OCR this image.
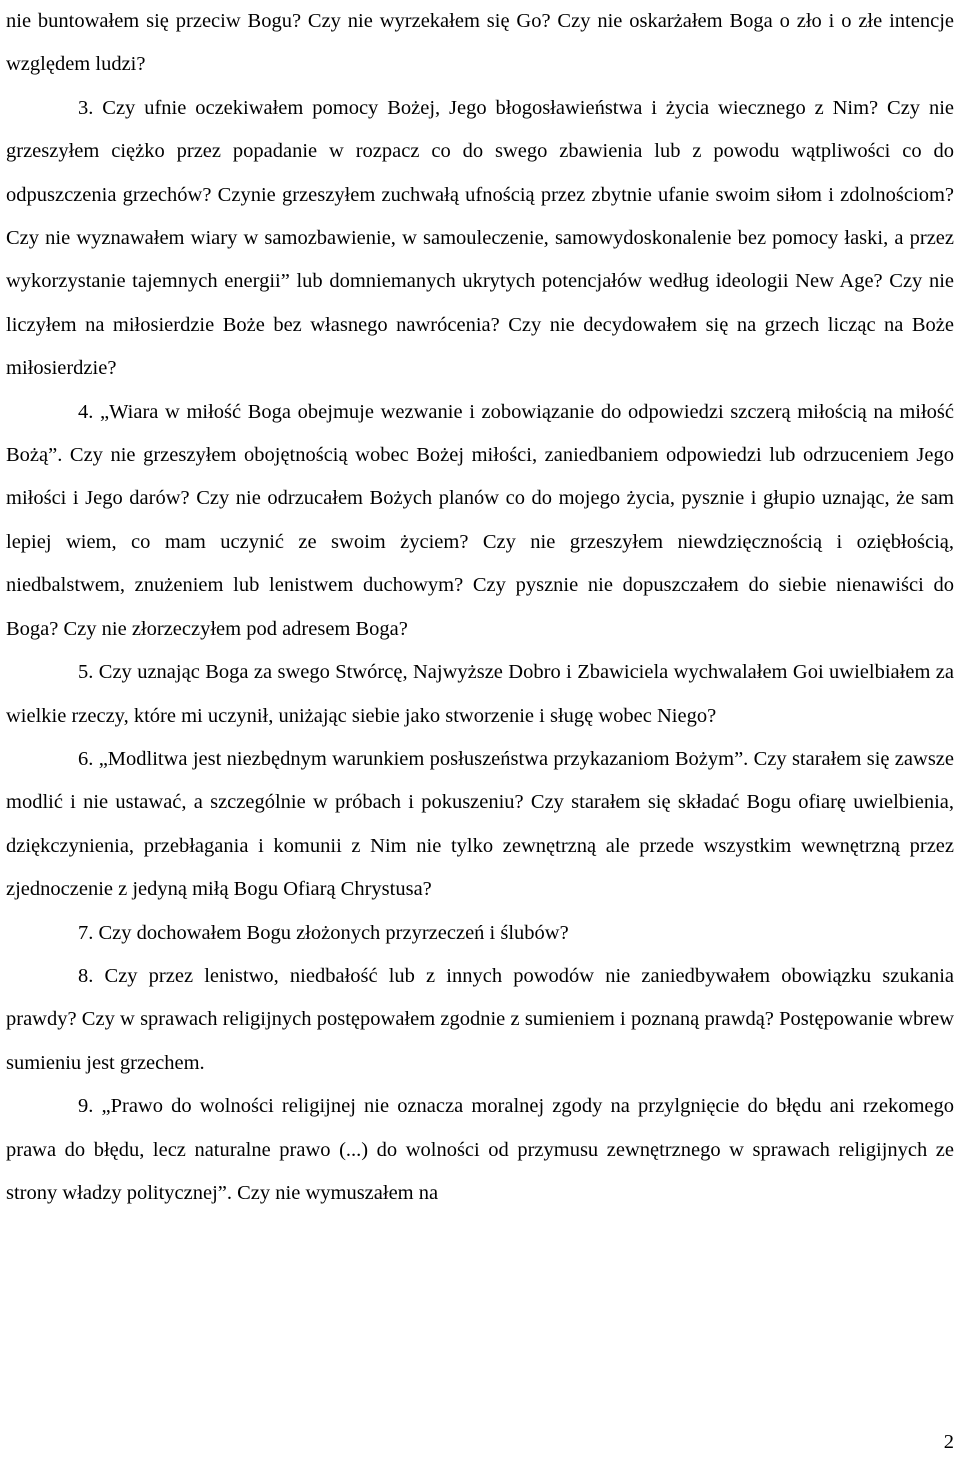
nie buntowałem się przeciw Bogu? Czy nie wyrzekałem się Go? Czy nie oskarżałem Boga o zło i o złe intencje względem ludzi?

3. Czy ufnie oczekiwałem pomocy Bożej, Jego błogosławieństwa i życia wiecznego z Nim? Czy nie grzeszyłem ciężko przez popadanie w rozpacz co do swego zbawienia lub z powodu wątpliwości co do odpuszczenia grzechów? Czynie grzeszyłem zuchwałą ufnością przez zbytnie ufanie swoim siłom i zdolnościom? Czy nie wyznawałem wiary w samozbawienie, w samouleczenie, samowydoskonalenie bez pomocy łaski, a przez wykorzystanie tajemnych energii” lub domniemanych ukrytych potencjałów według ideologii New Age? Czy nie liczyłem na miłosierdzie Boże bez własnego nawrócenia? Czy nie decydowałem się na grzech licząc na Boże miłosierdzie?

4. „Wiara w miłość Boga obejmuje wezwanie i zobowiązanie do odpowiedzi szczerą miłością na miłość Bożą”. Czy nie grzeszyłem obojętnością wobec Bożej miłości, zaniedbaniem odpowiedzi lub odrzuceniem Jego miłości i Jego darów? Czy nie odrzucałem Bożych planów co do mojego życia, pysznie i głupio uznając, że sam lepiej wiem, co mam uczynić ze swoim życiem? Czy nie grzeszyłem niewdzięcznością i oziębłością, niedbalstwem, znużeniem lub lenistwem duchowym? Czy pysznie nie dopuszczałem do siebie nienawiści do Boga? Czy nie złorzeczyłem pod adresem Boga?

5. Czy uznając Boga za swego Stwórcę, Najwyższe Dobro i Zbawiciela wychwalałem Goi uwielbiałem za wielkie rzeczy, które mi uczynił, uniżając siebie jako stworzenie i sługę wobec Niego?

6. „Modlitwa jest niezbędnym warunkiem posłuszeństwa przykazaniom Bożym”. Czy starałem się zawsze modlić i nie ustawać, a szczególnie w próbach i pokuszeniu? Czy starałem się składać Bogu ofiarę uwielbienia, dziękczynienia, przebłagania i komunii z Nim nie tylko zewnętrzną ale przede wszystkim wewnętrzną przez zjednoczenie z jedyną miłą Bogu Ofiarą Chrystusa?

7. Czy dochowałem Bogu złożonych przyrzeczeń i ślubów?

8. Czy przez lenistwo, niedbałość lub z innych powodów nie zaniedbywałem obowiązku szukania prawdy? Czy w sprawach religijnych postępowałem zgodnie z sumieniem i poznaną prawdą? Postępowanie wbrew sumieniu jest grzechem.

9. „Prawo do wolności religijnej nie oznacza moralnej zgody na przylgnięcie do błędu ani rzekomego prawa do błędu, lecz naturalne prawo (...) do wolności od przymusu zewnętrznego w sprawach religijnych ze strony władzy politycznej”. Czy nie wymuszałem na

2
